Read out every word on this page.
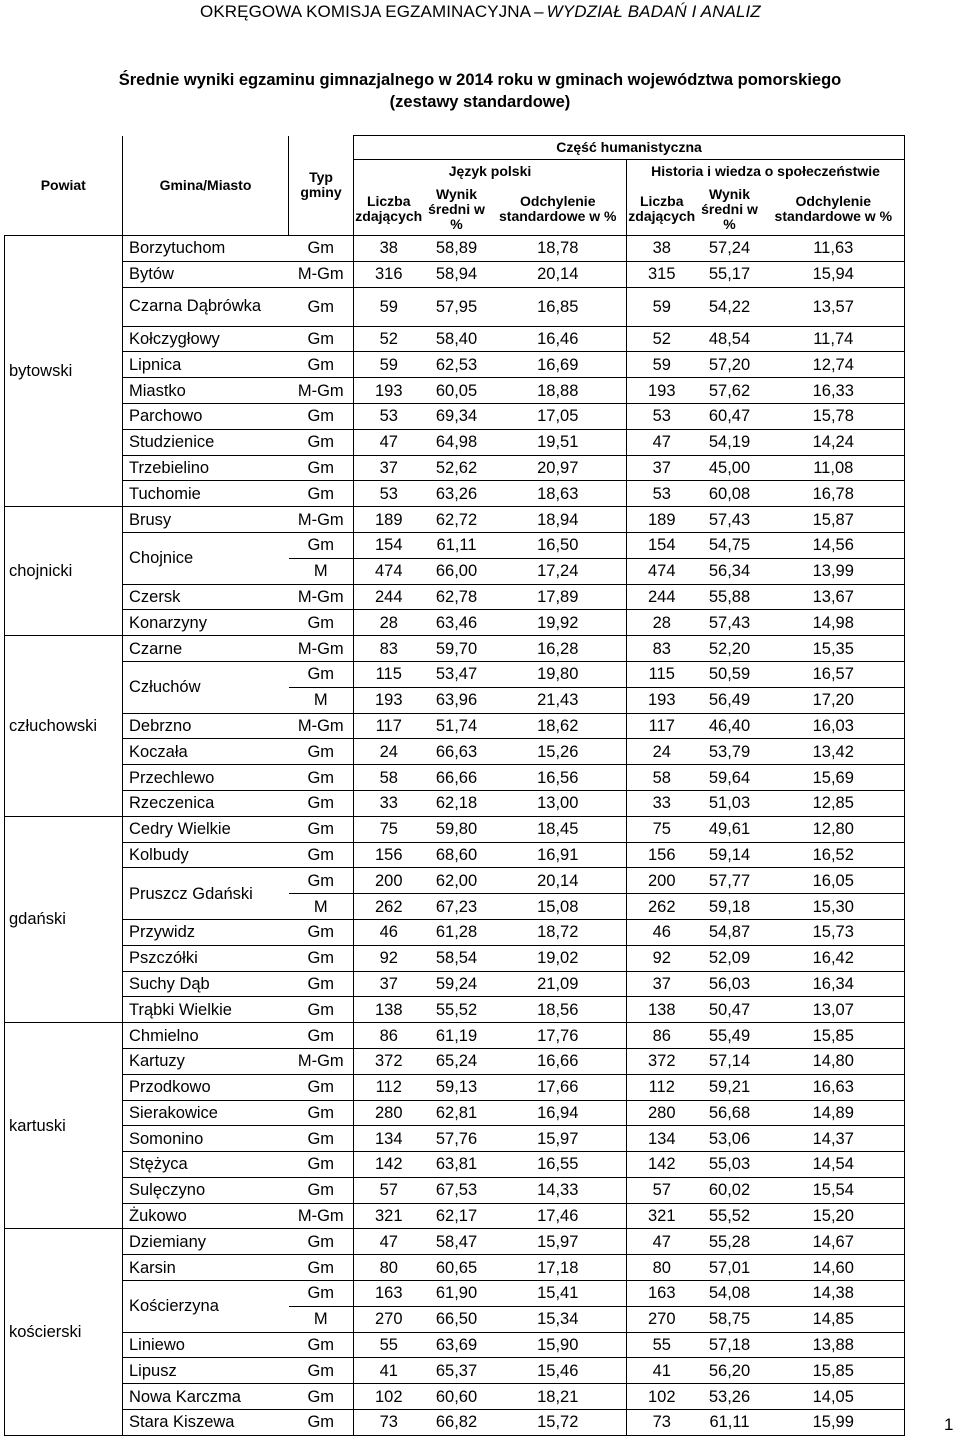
OKRĘGOWA KOMISJA EGZAMINACYJNA – WYDZIAŁ BADAŃ I ANALIZ
Średnie wyniki egzaminu gimnazjalnego w 2014 roku w gminach województwa pomorskiego
(zestawy standardowe)
Powiat	Gmina/Miasto	Typ gminy	Część humanistyczna					
			Język polski			Historia i wiedza o społeczeństwie		
			Liczba zdających	Wynik średni w %	Odchylenie standardowe w %	Liczba zdających	Wynik średni w %	Odchylenie standardowe w %

bytowski	Borzytuchom	Gm	38	58,89	18,78	38	57,24	11,63
	Bytów	M-Gm	316	58,94	20,14	315	55,17	15,94
	Czarna Dąbrówka	Gm	59	57,95	16,85	59	54,22	13,57
	Kołczygłowy	Gm	52	58,40	16,46	52	48,54	11,74
	Lipnica	Gm	59	62,53	16,69	59	57,20	12,74
	Miastko	M-Gm	193	60,05	18,88	193	57,62	16,33
	Parchowo	Gm	53	69,34	17,05	53	60,47	15,78
	Studzienice	Gm	47	64,98	19,51	47	54,19	14,24
	Trzebielino	Gm	37	52,62	20,97	37	45,00	11,08
	Tuchomie	Gm	53	63,26	18,63	53	60,08	16,78
chojnicki	Brusy	M-Gm	189	62,72	18,94	189	57,43	15,87
	Chojnice	Gm	154	61,11	16,50	154	54,75	14,56
		M	474	66,00	17,24	474	56,34	13,99
	Czersk	M-Gm	244	62,78	17,89	244	55,88	13,67
	Konarzyny	Gm	28	63,46	19,92	28	57,43	14,98
człuchowski	Czarne	M-Gm	83	59,70	16,28	83	52,20	15,35
	Człuchów	Gm	115	53,47	19,80	115	50,59	16,57
		M	193	63,96	21,43	193	56,49	17,20
	Debrzno	M-Gm	117	51,74	18,62	117	46,40	16,03
	Koczała	Gm	24	66,63	15,26	24	53,79	13,42
	Przechlewo	Gm	58	66,66	16,56	58	59,64	15,69
	Rzeczenica	Gm	33	62,18	13,00	33	51,03	12,85
gdański	Cedry Wielkie	Gm	75	59,80	18,45	75	49,61	12,80
	Kolbudy	Gm	156	68,60	16,91	156	59,14	16,52
	Pruszcz Gdański	Gm	200	62,00	20,14	200	57,77	16,05
		M	262	67,23	15,08	262	59,18	15,30
	Przywidz	Gm	46	61,28	18,72	46	54,87	15,73
	Pszczółki	Gm	92	58,54	19,02	92	52,09	16,42
	Suchy Dąb	Gm	37	59,24	21,09	37	56,03	16,34
	Trąbki Wielkie	Gm	138	55,52	18,56	138	50,47	13,07
kartuski	Chmielno	Gm	86	61,19	17,76	86	55,49	15,85
	Kartuzy	M-Gm	372	65,24	16,66	372	57,14	14,80
	Przodkowo	Gm	112	59,13	17,66	112	59,21	16,63
	Sierakowice	Gm	280	62,81	16,94	280	56,68	14,89
	Somonino	Gm	134	57,76	15,97	134	53,06	14,37
	Stężyca	Gm	142	63,81	16,55	142	55,03	14,54
	Sulęczyno	Gm	57	67,53	14,33	57	60,02	15,54
	Żukowo	M-Gm	321	62,17	17,46	321	55,52	15,20
kościerski	Dziemiany	Gm	47	58,47	15,97	47	55,28	14,67
	Karsin	Gm	80	60,65	17,18	80	57,01	14,60
	Kościerzyna	Gm	163	61,90	15,41	163	54,08	14,38
		M	270	66,50	15,34	270	58,75	14,85
	Liniewo	Gm	55	63,69	15,90	55	57,18	13,88
	Lipusz	Gm	41	65,37	15,46	41	56,20	15,85
	Nowa Karczma	Gm	102	60,60	18,21	102	53,26	14,05
	Stara Kiszewa	Gm	73	66,82	15,72	73	61,11	15,99	1
